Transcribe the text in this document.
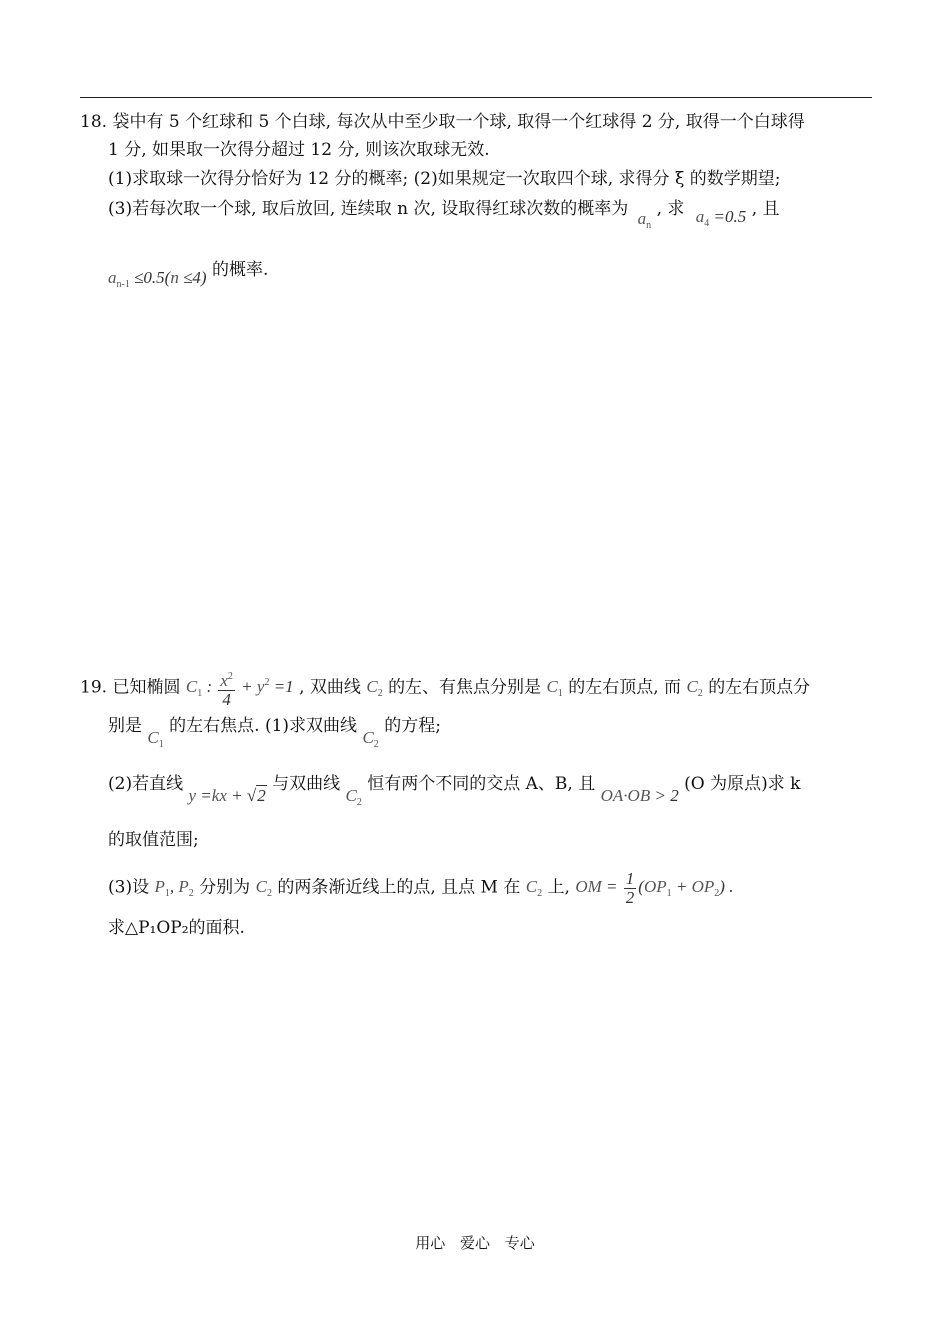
18. 袋中有 5 个红球和 5 个白球, 每次从中至少取一个球, 取得一个红球得 2 分, 取得一个白球得
1 分, 如果取一次得分超过 12 分, 则该次取球无效.
(1)求取球一次得分恰好为 12 分的概率; (2)如果规定一次取四个球, 求得分 ξ 的数学期望;
(3)若每次取一个球, 取后放回, 连续取 n 次, 设取得红球次数的概率为 $a_n$ , 求 $a_4 =0.5$ , 且
$a_{n-1} \le 0.5(n \le 4)$ 的概率.
19. 已知椭圆 $C_1$ : $\frac{x^2}{4} + y^2 =1$ , 双曲线 $C_2$ 的左、有焦点分别是 $C_1$ 的左右顶点, 而 $C_2$ 的左右顶点分
别是 $C_1$ 的左右焦点. (1)求双曲线 $C_2$ 的方程;
(2)若直线 y =kx + √2 与双曲线 $C_2$ 恒有两个不同的交点 A、B, 且 OA·OB > 2 (O 为原点)求 k
的取值范围;
(3)设 $P_1$, $P_2$ 分别为 $C_2$ 的两条渐近线上的点, 且点 M 在 $C_2$ 上, OM = $\frac{1}{2} (OP_1 + OP_2)$ .
求△P₁OP₂的面积.
用心 爱心 专心
